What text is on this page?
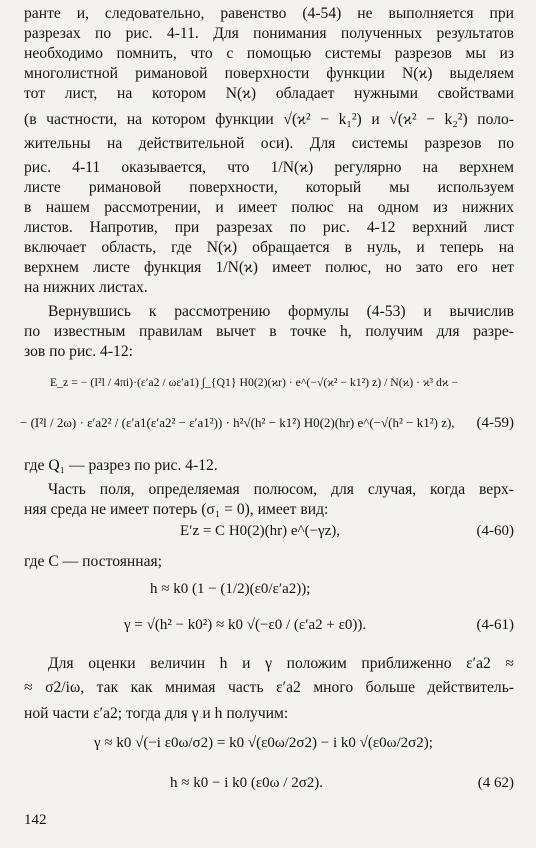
ранте и, следовательно, равенство (4-54) не выполняется при
разрезах по рис. 4-11. Для понимания полученных результатов
необходимо помнить, что с помощью системы разрезов мы из
многолистной римановой поверхности функции N(ϰ) выделяем
тот лист, на котором N(ϰ) обладает нужными свойствами
(в частности, на котором функции √(ϰ² − k₁²) и √(ϰ² − k₂²) поло-
жительны на действительной оси). Для системы разрезов по
рис. 4-11 оказывается, что 1/N(ϰ) регулярно на верхнем
листе римановой поверхности, который мы используем
в нашем рассмотрении, и имеет полюс на одном из нижних
листов. Напротив, при разрезах по рис. 4-12 верхний лист
включает область, где N(ϰ) обращается в нуль, и теперь на
верхнем листе функция 1/N(ϰ) имеет полюс, но зато его нет
на нижних листах.
Вернувшись к рассмотрению формулы (4-53) и вычислив
по известным правилам вычет в точке h, получим для разре-
зов по рис. 4-12:
E_z = − (I²l / 4πi)·(ε′a2 / ωε′a1) ∫_{Q1} H0(2)(ϰr) · e^(−√(ϰ² − k1²) z) / N(ϰ) · ϰ³ dϰ −
− (I²l / 2ω) · ε′a2² / (ε′a1(ε′a2² − ε′a1²)) · h²√(h² − k1²) H0(2)(hr) e^(−√(h² − k1²) z), (4-59)
где Q₁ — разрез по рис. 4-12.
Часть поля, определяемая полюсом, для случая, когда верх-
няя среда не имеет потерь (σ₁ = 0), имеет вид:
E′z = C H0(2)(hr) e^(−γz),	(4-60)
где C — постоянная;
h ≈ k0 (1 − (1/2)(ε0/ε′a2));
γ = √(h² − k0²) ≈ k0 √(−ε0 / (ε′a2 + ε0)).	(4-61)
Для оценки величин h и γ положим приближенно ε′a2 ≈
≈ σ2/iω, так как мнимая часть ε′a2 много больше действитель-
ной части ε′a2; тогда для γ и h получим:
γ ≈ k0 √(−i ε0ω/σ2) = k0 √(ε0ω/2σ2) − i k0 √(ε0ω/2σ2);
h ≈ k0 − i k0 (ε0ω / 2σ2).	(4 62)
142
